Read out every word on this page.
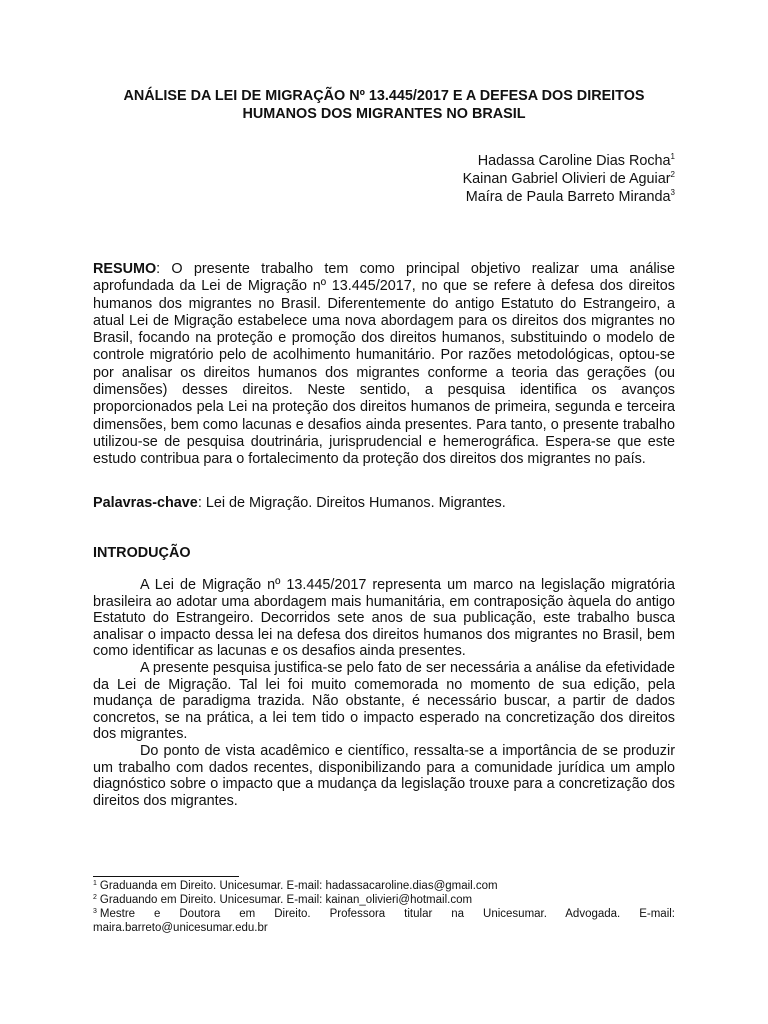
ANÁLISE DA LEI DE MIGRAÇÃO Nº 13.445/2017 E A DEFESA DOS DIREITOS
HUMANOS DOS MIGRANTES NO BRASIL
Hadassa Caroline Dias Rocha$^1$
Kainan Gabriel Olivieri de Aguiar$^2$
Maíra de Paula Barreto Miranda$^3$

RESUMO: O presente trabalho tem como principal objetivo realizar uma análise aprofundada da Lei de Migração nº 13.445/2017, no que se refere à defesa dos direitos humanos dos migrantes no Brasil. Diferentemente do antigo Estatuto do Estrangeiro, a atual Lei de Migração estabelece uma nova abordagem para os direitos dos migrantes no Brasil, focando na proteção e promoção dos direitos humanos, substituindo o modelo de controle migratório pelo de acolhimento humanitário. Por razões metodológicas, optou-se por analisar os direitos humanos dos migrantes conforme a teoria das gerações (ou dimensões) desses direitos. Neste sentido, a pesquisa identifica os avanços proporcionados pela Lei na proteção dos direitos humanos de primeira, segunda e terceira dimensões, bem como lacunas e desafios ainda presentes. Para tanto, o presente trabalho utilizou-se de pesquisa doutrinária, jurisprudencial e hemerográfica. Espera-se que este estudo contribua para o fortalecimento da proteção dos direitos dos migrantes no país.

Palavras-chave: Lei de Migração. Direitos Humanos. Migrantes.

INTRODUÇÃO

A Lei de Migração nº 13.445/2017 representa um marco na legislação migratória brasileira ao adotar uma abordagem mais humanitária, em contraposição àquela do antigo Estatuto do Estrangeiro. Decorridos sete anos de sua publicação, este trabalho busca analisar o impacto dessa lei na defesa dos direitos humanos dos migrantes no Brasil, bem como identificar as lacunas e os desafios ainda presentes.

A presente pesquisa justifica-se pelo fato de ser necessária a análise da efetividade da Lei de Migração. Tal lei foi muito comemorada no momento de sua edição, pela mudança de paradigma trazida. Não obstante, é necessário buscar, a partir de dados concretos, se na prática, a lei tem tido o impacto esperado na concretização dos direitos dos migrantes.

Do ponto de vista acadêmico e científico, ressalta-se a importância de se produzir um trabalho com dados recentes, disponibilizando para a comunidade jurídica um amplo diagnóstico sobre o impacto que a mudança da legislação trouxe para a concretização dos direitos dos migrantes.

$^1$ Graduanda em Direito. Unicesumar. E-mail: hadassacaroline.dias@gmail.com

$^2$ Graduando em Direito. Unicesumar. E-mail: kainan_olivieri@hotmail.com

$^3$ Mestre e Doutora em Direito. Professora titular na Unicesumar. Advogada. E-mail: maira.barreto@unicesumar.edu.br
